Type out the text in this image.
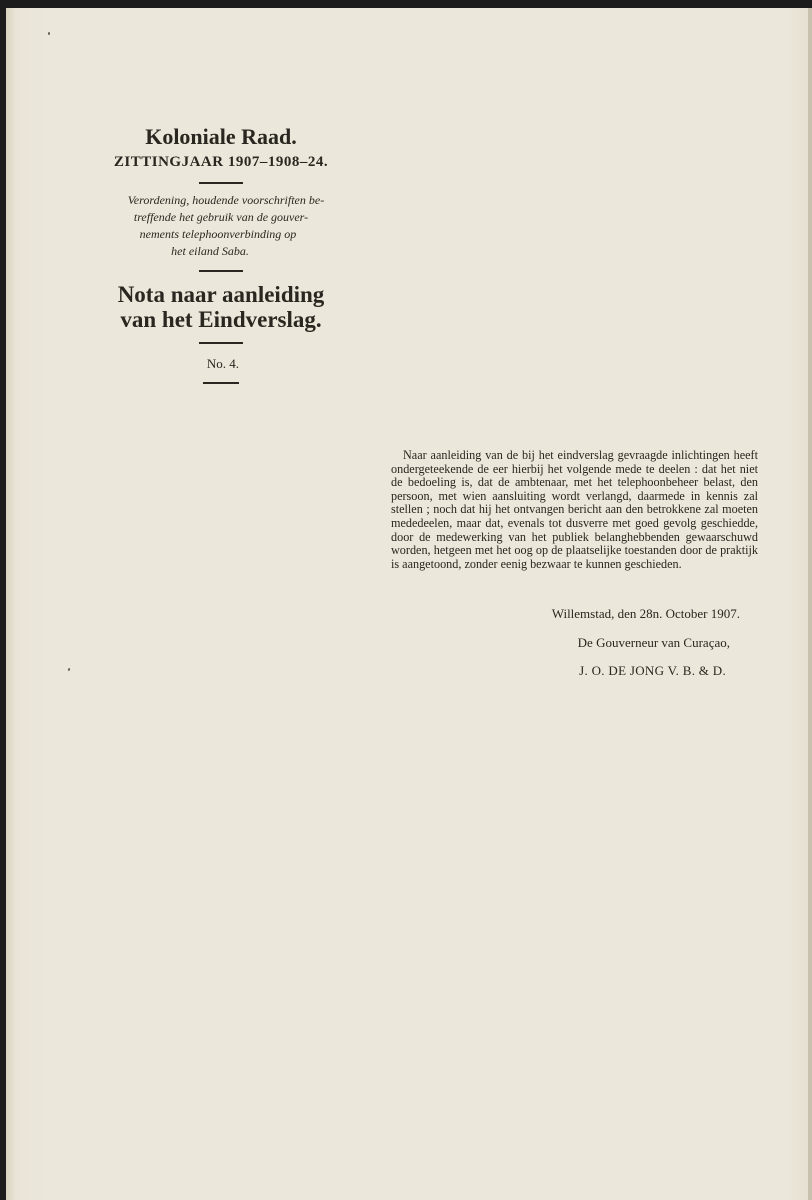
Koloniale Raad.
ZITTINGJAAR 1907–1908–24.
Verordening, houdende voorschriften be-
treffende het gebruik van de gouver-
nements telephoonverbinding op
het eiland Saba.
Nota naar aanleiding
van het Eindverslag.
No. 4.

Naar aanleiding van de bij het eindverslag gevraagde inlichtingen heeft ondergeteekende de eer hierbij het volgende mede te deelen : dat het niet de bedoeling is, dat de ambtenaar, met het telephoonbeheer belast, den persoon, met wien aansluiting wordt verlangd, daarmede in kennis zal stellen ; noch dat hij het ontvangen bericht aan den betrokkene zal moeten mededeelen, maar dat, evenals tot dusverre met goed gevolg geschiedde, door de medewerking van het publiek belanghebbenden gewaarschuwd worden, hetgeen met het oog op de plaatselijke toestanden door de praktijk is aangetoond, zonder eenig bezwaar te kunnen geschieden.

Willemstad, den 28n. October 1907.
De Gouverneur van Curaçao,
J. O. DE JONG V. B. & D.
